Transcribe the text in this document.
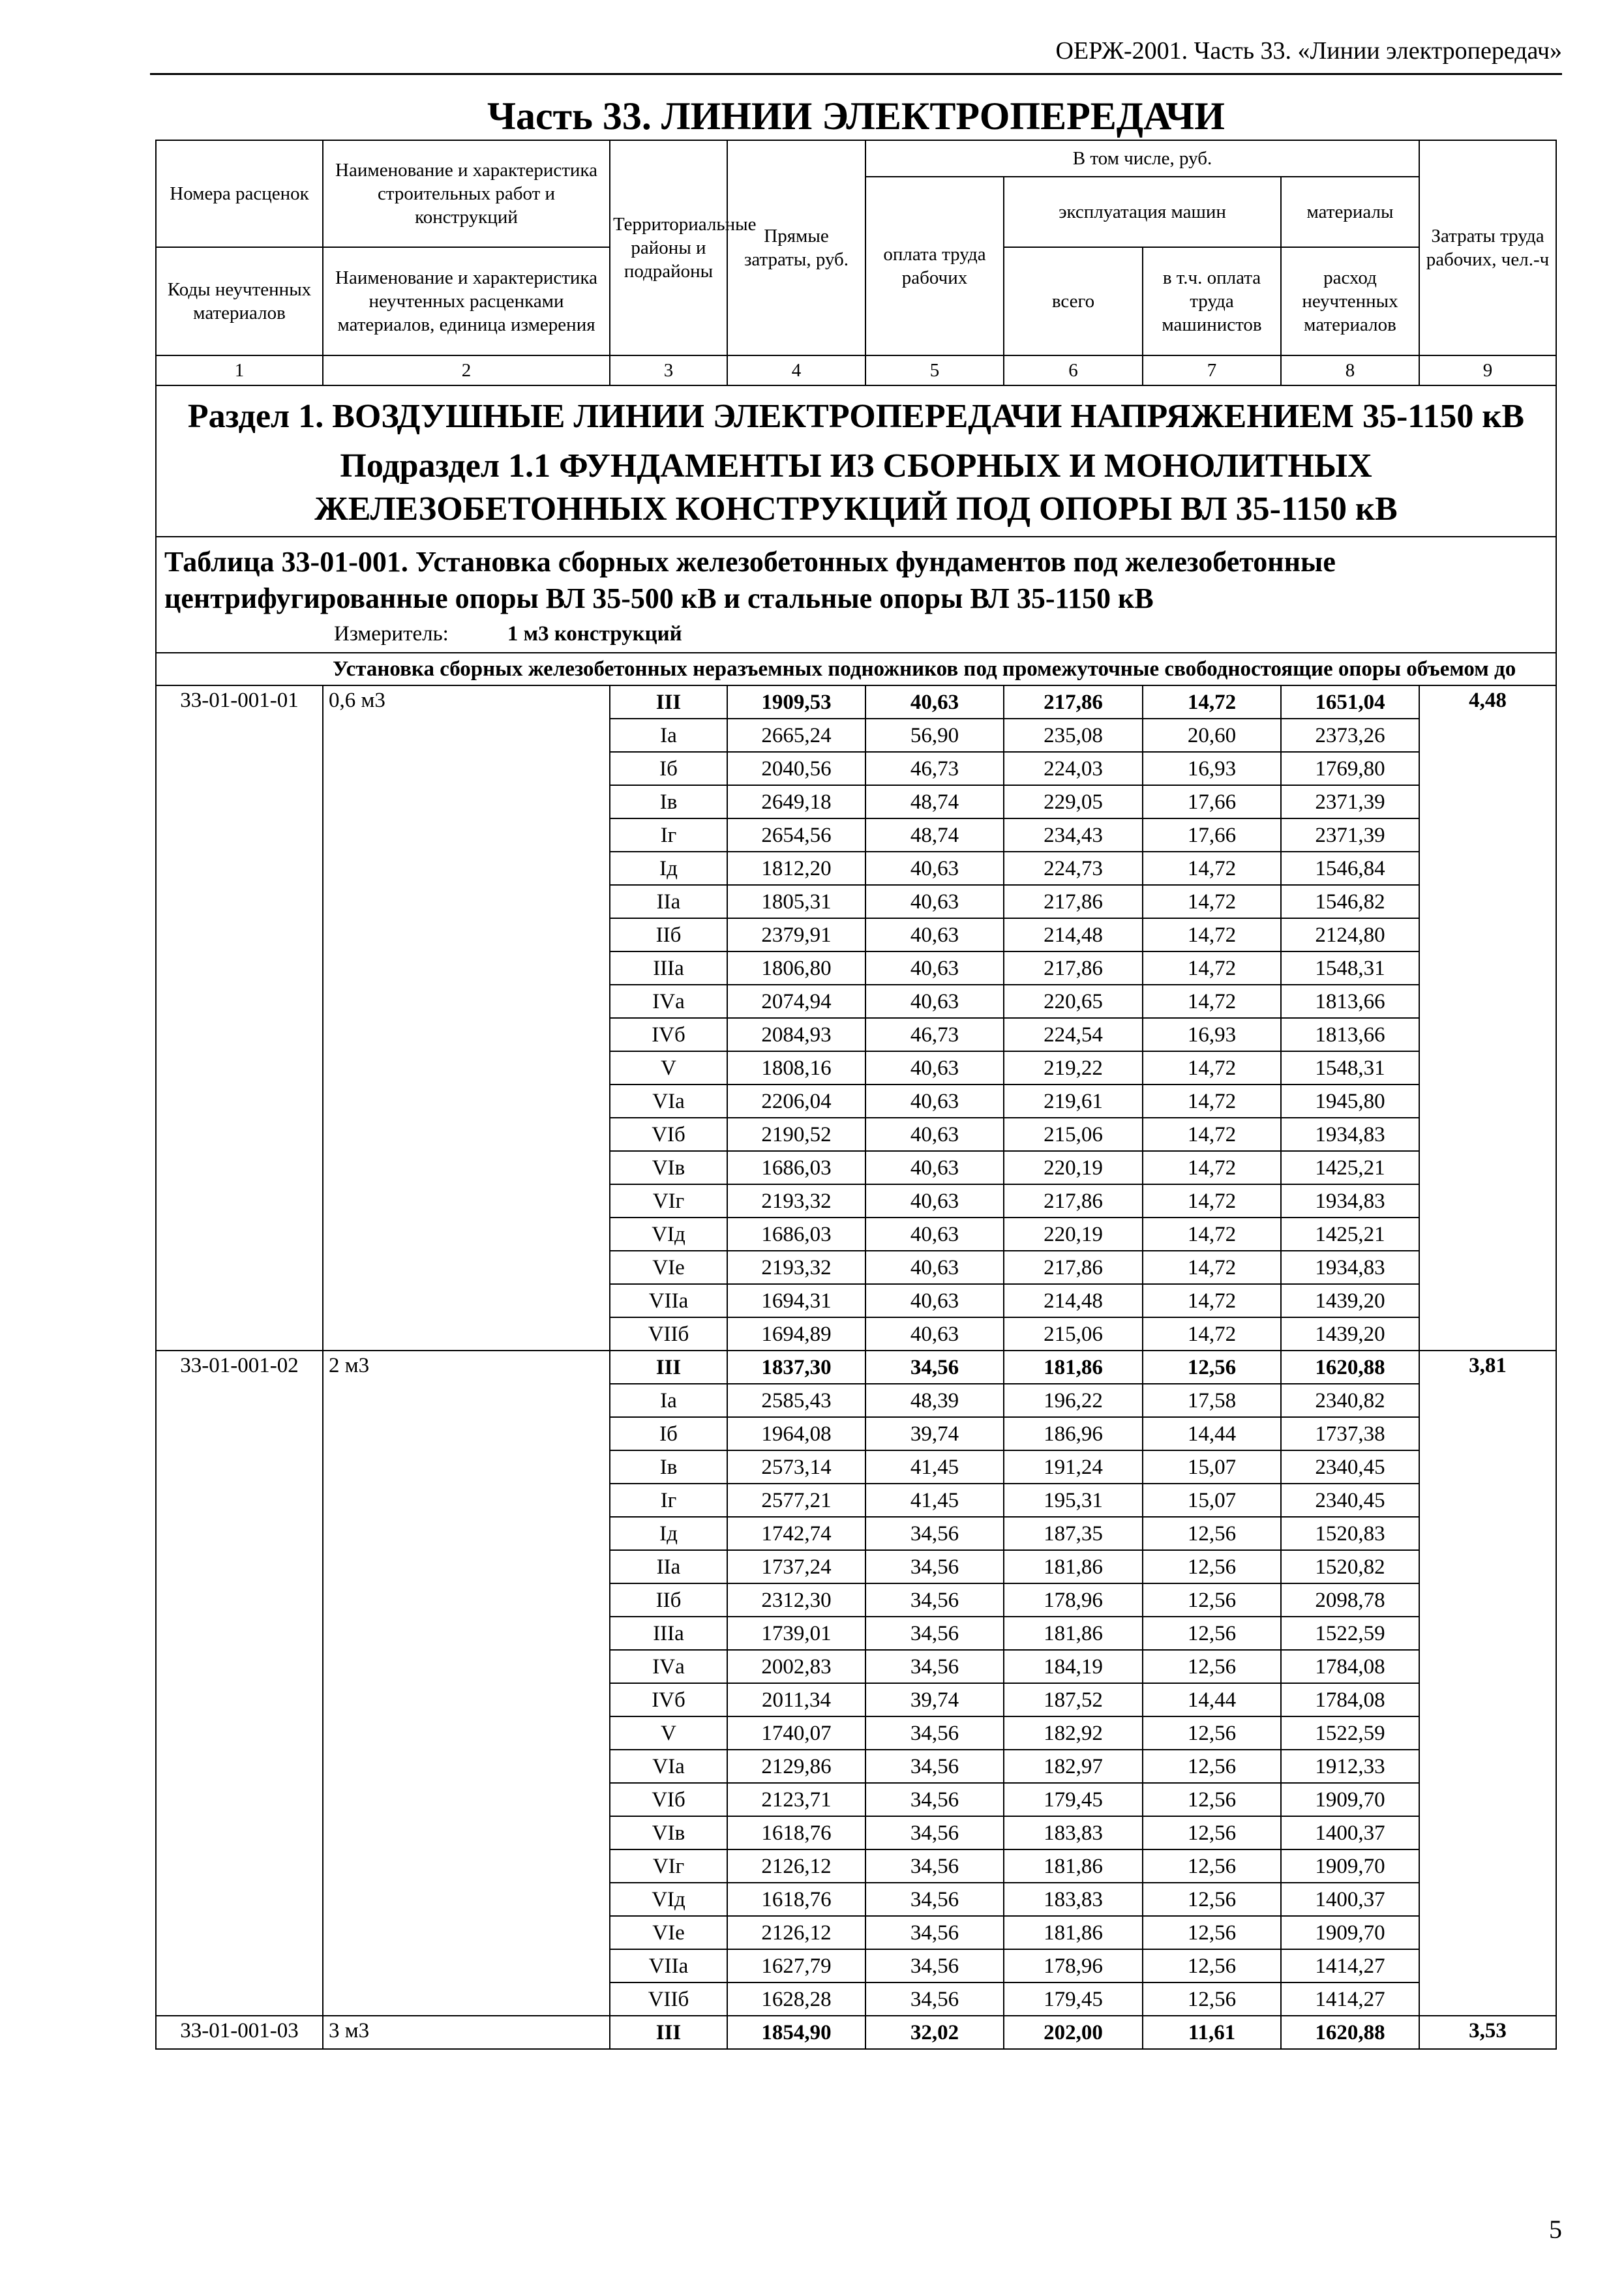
ОЕРЖ-2001. Часть 33. «Линии электропередач»
Часть 33. ЛИНИИ ЭЛЕКТРОПЕРЕДАЧИ
Номера расценок	Наименование и характеристика строительных работ и конструкций	Территориальные районы и подрайоны	Прямые затраты, руб.	В том числе, руб.				Затраты труда рабочих, чел.-ч
				оплата труда рабочих	эксплуатация машин		материалы	

Коды неучтенных материалов	Наименование и характеристика неучтенных расценками материалов, единица измерения				всего	в т.ч. оплата труда машинистов	расход неучтенных материалов	
1	2	3	4	5	6	7	8	9
Раздел 1. ВОЗДУШНЫЕ ЛИНИИ ЭЛЕКТРОПЕРЕДАЧИ НАПРЯЖЕНИЕМ 35-1150 кВ
Подраздел 1.1 ФУНДАМЕНТЫ ИЗ СБОРНЫХ И МОНОЛИТНЫХ ЖЕЛЕЗОБЕТОННЫХ КОНСТРУКЦИЙ ПОД ОПОРЫ ВЛ 35-1150 кВ								

Таблица 33-01-001. Установка сборных железобетонных фундаментов под железобетонные центрифугированные опоры ВЛ 35-500 кВ и стальные опоры ВЛ 35-1150 кВ
Измеритель: 1 м3 конструкций								

Установка сборных железобетонных неразъемных подножников под промежуточные свободностоящие опоры объемом до								
33-01-001-01	0,6 м3	III	1909,53	40,63	217,86	14,72	1651,04	4,48
		Iа	2665,24	56,90	235,08	20,60	2373,26	
		Iб	2040,56	46,73	224,03	16,93	1769,80	
		Iв	2649,18	48,74	229,05	17,66	2371,39	
		Iг	2654,56	48,74	234,43	17,66	2371,39	
		Iд	1812,20	40,63	224,73	14,72	1546,84	
		IIа	1805,31	40,63	217,86	14,72	1546,82	
		IIб	2379,91	40,63	214,48	14,72	2124,80	
		IIIа	1806,80	40,63	217,86	14,72	1548,31	
		IVа	2074,94	40,63	220,65	14,72	1813,66	
		IVб	2084,93	46,73	224,54	16,93	1813,66	
		V	1808,16	40,63	219,22	14,72	1548,31	
		VIа	2206,04	40,63	219,61	14,72	1945,80	
		VIб	2190,52	40,63	215,06	14,72	1934,83	
		VIв	1686,03	40,63	220,19	14,72	1425,21	
		VIг	2193,32	40,63	217,86	14,72	1934,83	
		VIд	1686,03	40,63	220,19	14,72	1425,21	
		VIе	2193,32	40,63	217,86	14,72	1934,83	
		VIIа	1694,31	40,63	214,48	14,72	1439,20	
		VIIб	1694,89	40,63	215,06	14,72	1439,20	
33-01-001-02	2 м3	III	1837,30	34,56	181,86	12,56	1620,88	3,81
		Iа	2585,43	48,39	196,22	17,58	2340,82	
		Iб	1964,08	39,74	186,96	14,44	1737,38	
		Iв	2573,14	41,45	191,24	15,07	2340,45	
		Iг	2577,21	41,45	195,31	15,07	2340,45	
		Iд	1742,74	34,56	187,35	12,56	1520,83	
		IIа	1737,24	34,56	181,86	12,56	1520,82	
		IIб	2312,30	34,56	178,96	12,56	2098,78	
		IIIа	1739,01	34,56	181,86	12,56	1522,59	
		IVа	2002,83	34,56	184,19	12,56	1784,08	
		IVб	2011,34	39,74	187,52	14,44	1784,08	
		V	1740,07	34,56	182,92	12,56	1522,59	
		VIа	2129,86	34,56	182,97	12,56	1912,33	
		VIб	2123,71	34,56	179,45	12,56	1909,70	
		VIв	1618,76	34,56	183,83	12,56	1400,37	
		VIг	2126,12	34,56	181,86	12,56	1909,70	
		VIд	1618,76	34,56	183,83	12,56	1400,37	
		VIе	2126,12	34,56	181,86	12,56	1909,70	
		VIIа	1627,79	34,56	178,96	12,56	1414,27	
		VIIб	1628,28	34,56	179,45	12,56	1414,27	
33-01-001-03	3 м3	III	1854,90	32,02	202,00	11,61	1620,88	3,53
5
